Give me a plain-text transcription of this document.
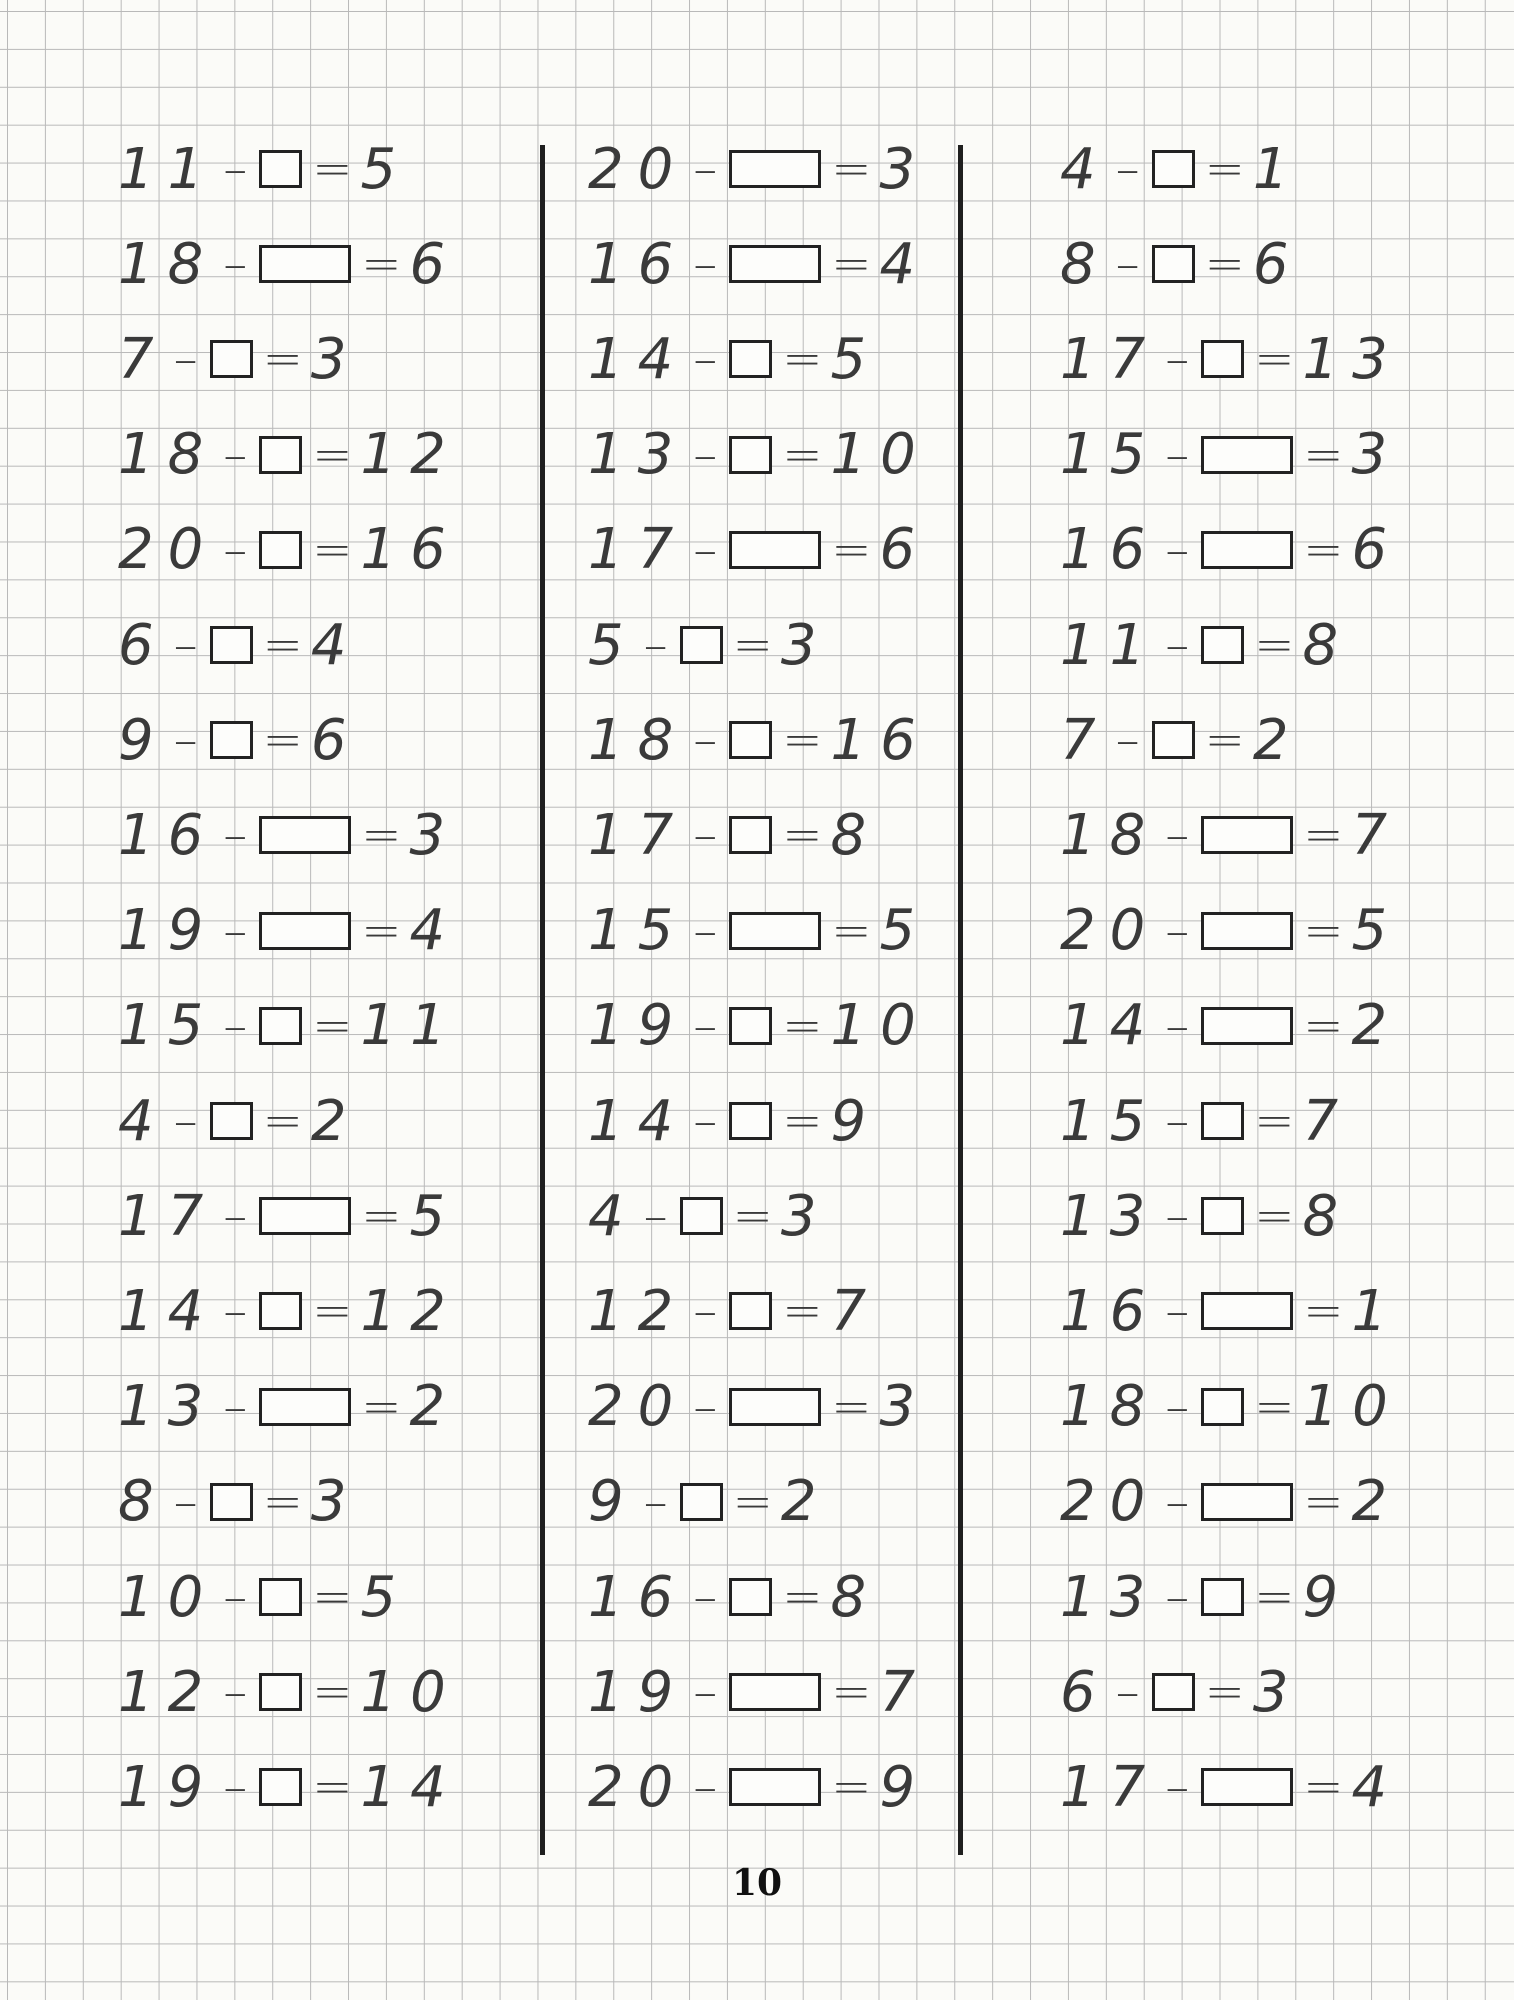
11 – = 5
18 – = 6
7 – = 3
18 – = 12
20 – = 16
6 – = 4
9 – = 6
16 – = 3
19 – = 4
15 – = 11
4 – = 2
17 – = 5
14 – = 12
13 – = 2
8 – = 3
10 – = 5
12 – = 10
19 – = 14
20 – = 3
16 – = 4
14 – = 5
13 – = 10
17 – = 6
5 – = 3
18 – = 16
17 – = 8
15 – = 5
19 – = 10
14 – = 9
4 – = 3
12 – = 7
20 – = 3
9 – = 2
16 – = 8
19 – = 7
20 – = 9
4 – = 1
8 – = 6
17 – = 13
15 – = 3
16 – = 6
11 – = 8
7 – = 2
18 – = 7
20 – = 5
14 – = 2
15 – = 7
13 – = 8
16 – = 1
18 – = 10
20 – = 2
13 – = 9
6 – = 3
17 – = 4
10
